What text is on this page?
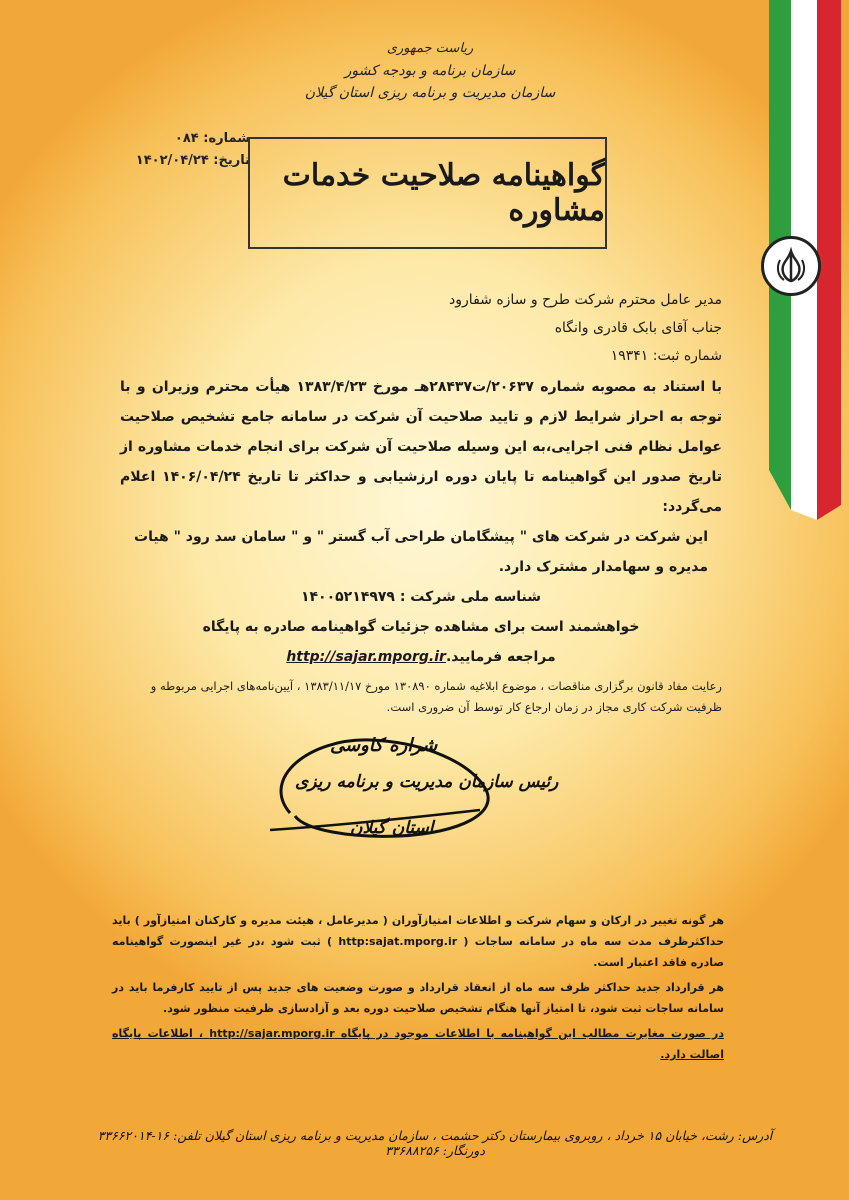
ریاست جمهوری
سازمان برنامه و بودجه کشور
سازمان مدیریت و برنامه ریزی استان گیلان
شماره: ۰۸۴
تاریخ: ۱۴۰۲/۰۴/۲۴	گواهینامه صلاحیت خدمات مشاوره
مدیر عامل محترم شرکت طرح و سازه شفارود
جناب آقای بابک قادری وانگاه
شماره ثبت: ۱۹۳۴۱
با استناد به مصوبه شماره ۲۰۶۳۷/ت۲۸۴۳۷هـ مورخ ۱۳۸۳/۴/۲۳ هیأت محترم وزیران و با توجه به احراز شرایط لازم و تایید صلاحیت آن شرکت در سامانه جامع تشخیص صلاحیت عوامل نظام فنی اجرایی،به این وسیله صلاحیت آن شرکت برای انجام خدمات مشاوره از تاریخ صدور این گواهینامه تا پایان دوره ارزشیابی و حداکثر تا تاریخ ۱۴۰۶/۰۴/۲۴ اعلام می‌گردد:
این شرکت در شرکت های " پیشگامان طراحی آب گستر " و " سامان سد رود " هیات مدیره و سهامدار مشترک دارد.
شناسه ملی شرکت : ۱۴۰۰۵۲۱۴۹۷۹
خواهشمند است برای مشاهده جزئیات گواهینامه صادره به پایگاه
مراجعه فرمایید.http://sajar.mporg.ir
رعایت مفاد قانون برگزاری مناقصات ، موضوع ابلاغیه شماره ۱۳۰۸۹۰ مورخ ۱۳۸۳/۱۱/۱۷ ، آیین‌نامه‌های اجرایی مربوطه و ظرفیت شرکت کاری مجاز در زمان ارجاع کار توسط آن ضروری است.
شراره کاوسی
رئیس سازمان مدیریت و برنامه ریزی
استان گیلان

هر گونه تغییر در ارکان و سهام شرکت و اطلاعات امتیازآوران ( مدیرعامل ، هیئت مدیره و کارکنان امتیازآور ) باید حداکثرظرف مدت سه ماه در سامانه ساجات ( http:sajat.mporg.ir ) ثبت شود ،در غیر اینصورت گواهینامه صادره فاقد اعتبار است.

هر قرارداد جدید حداکثر ظرف سه ماه از انعقاد قرارداد و صورت وضعیت های جدید پس از تایید کارفرما باید در سامانه ساجات ثبت شود، تا امتیاز آنها هنگام تشخیص صلاحیت دوره بعد و آزادسازی ظرفیت منظور شود.

در صورت مغایرت مطالب این گواهینامه با اطلاعات موجود در پایگاه http://sajar.mporg.ir ، اطلاعات پایگاه اصالت دارد.

آدرس: رشت، خیابان ۱۵ خرداد ، روبروی بیمارستان دکتر حشمت ، سازمان مدیریت و برنامه ریزی استان گیلان تلفن: ۱۶-۳۳۶۶۲۰۱۴ دورنگار: ۳۳۶۸۸۲۵۶
